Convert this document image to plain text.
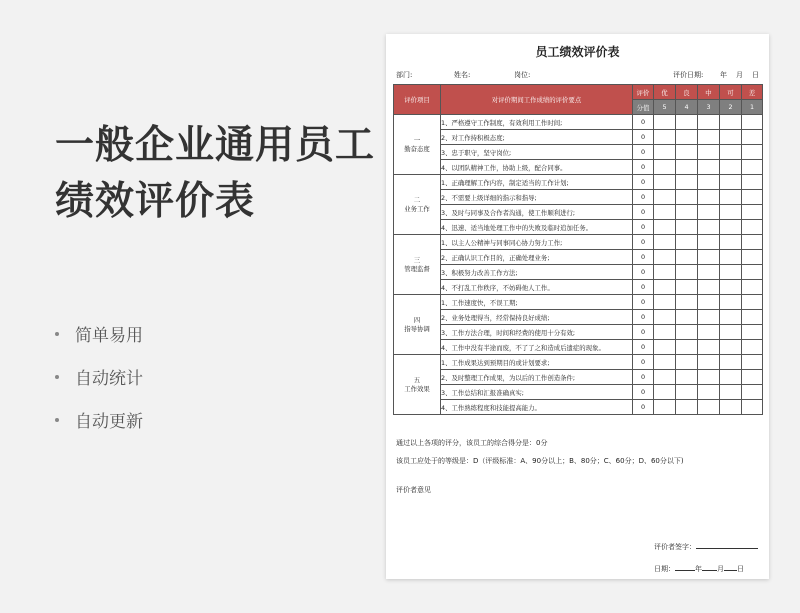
一般企业通用员工绩效评价表
简单易用
自动统计
自动更新
员工绩效评价表
部门:	姓名:	岗位:	评价日期: 年 月 日
评价项目	对评价期间工作成绩的评价要点	评价	优	良	中	可	差
		分值	5	4	3	2	1

一
勤奋态度	1、严格遵守工作制度，有效利用工作时间;	0					
	2、对工作持积极态度;	0					
	3、忠于职守，坚守岗位;	0					
	4、以团队精神工作，协助上级，配合同事。	0					

二
业务工作	1、正确理解工作内容，制定适当的工作计划;	0					
	2、不需要上级详细的指示和指导;	0					
	3、及时与同事及合作者沟通，使工作顺利进行;	0					
	4、迅速、适当地处理工作中的失败及临时追加任务。	0					

三
管理监督	1、以主人公精神与同事同心协力努力工作;	0					
	2、正确认识工作目的，正确处理业务;	0					
	3、积极努力改善工作方法;	0					
	4、不打乱工作秩序，不妨碍他人工作。	0					

四
指导协调	1、工作速度快，不误工期;	0					
	2、业务处理得当，经常保持良好成绩;	0					
	3、工作方法合理，时间和经费的使用十分有效;	0					
	4、工作中没有半途而废，不了了之和造成后遗症的现象。	0					

五
工作效果	1、工作成果达到预期目的或计划要求;	0					
	2、及时整理工作成果，为以后的工作创造条件;	0					
	3、工作总结和汇报准确真实;	0					
	4、工作熟练程度和技能提高能力。	0					
通过以上各项的评分，该员工的综合得分是：0分
该员工应处于的等级是：D（评级标准：A、90分以上；B、80分；C、60分；D、60分以下)
评价者意见
评价者签字：
日期：	年 月 日
